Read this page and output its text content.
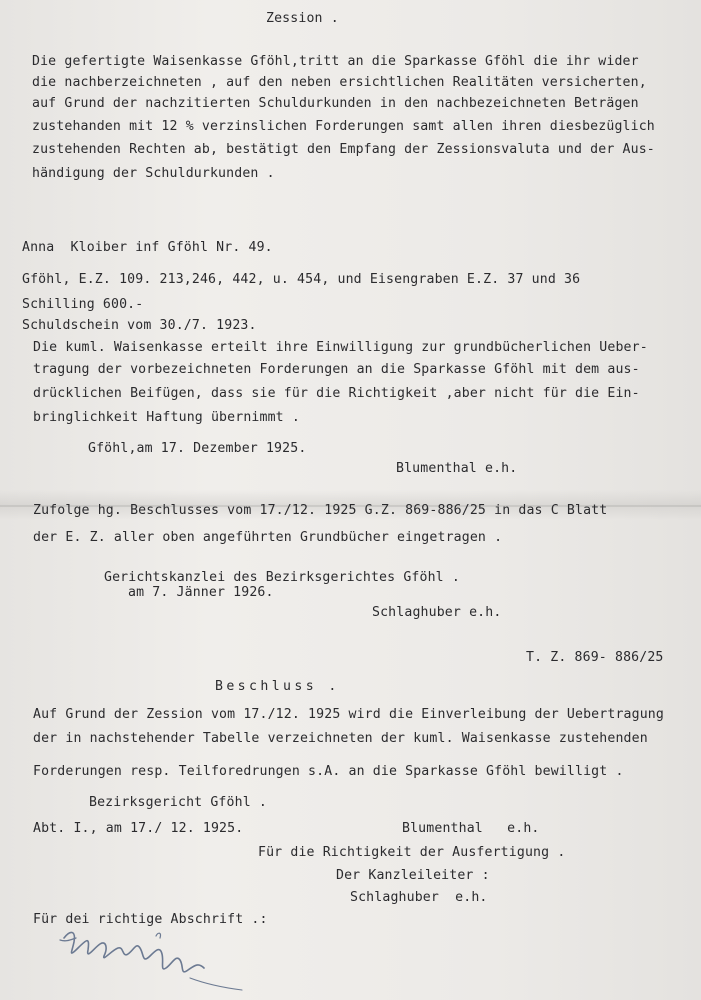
Zession .
Die gefertigte Waisenkasse Gföhl,tritt an die Sparkasse Gföhl die ihr wider
die nachberzeichneten , auf den neben ersichtlichen Realitäten versicherten,
auf Grund der nachzitierten Schuldurkunden in den nachbezeichneten Beträgen
zustehanden mit 12 % verzinslichen Forderungen samt allen ihren diesbezüglich
zustehenden Rechten ab, bestätigt den Empfang der Zessionsvaluta und der Aus-
händigung der Schuldurkunden .
Anna  Kloiber inf Gföhl Nr. 49.
Gföhl, E.Z. 109. 213,246, 442, u. 454, und Eisengraben E.Z. 37 und 36
Schilling 600.-
Schuldschein vom 30./7. 1923.
Die kuml. Waisenkasse erteilt ihre Einwilligung zur grundbücherlichen Ueber-
tragung der vorbezeichneten Forderungen an die Sparkasse Gföhl mit dem aus-
drücklichen Beifügen, dass sie für die Richtigkeit ,aber nicht für die Ein-
bringlichkeit Haftung übernimmt .
Gföhl,am 17. Dezember 1925.
Blumenthal e.h.
Zufolge hg. Beschlusses vom 17./12. 1925 G.Z. 869-886/25 in das C Blatt
der E. Z. aller oben angeführten Grundbücher eingetragen .
Gerichtskanzlei des Bezirksgerichtes Gföhl .
am 7. Jänner 1926.
Schlaghuber e.h.
T. Z. 869- 886/25
Beschluss .
Auf Grund der Zession vom 17./12. 1925 wird die Einverleibung der Uebertragung
der in nachstehender Tabelle verzeichneten der kuml. Waisenkasse zustehenden
Forderungen resp. Teilforedrungen s.A. an die Sparkasse Gföhl bewilligt .
Bezirksgericht Gföhl .
Abt. I., am 17./ 12. 1925.	Blumenthal   e.h.
Für die Richtigkeit der Ausfertigung .
Der Kanzleileiter :
Schlaghuber  e.h.
Für dei richtige Abschrift .:
